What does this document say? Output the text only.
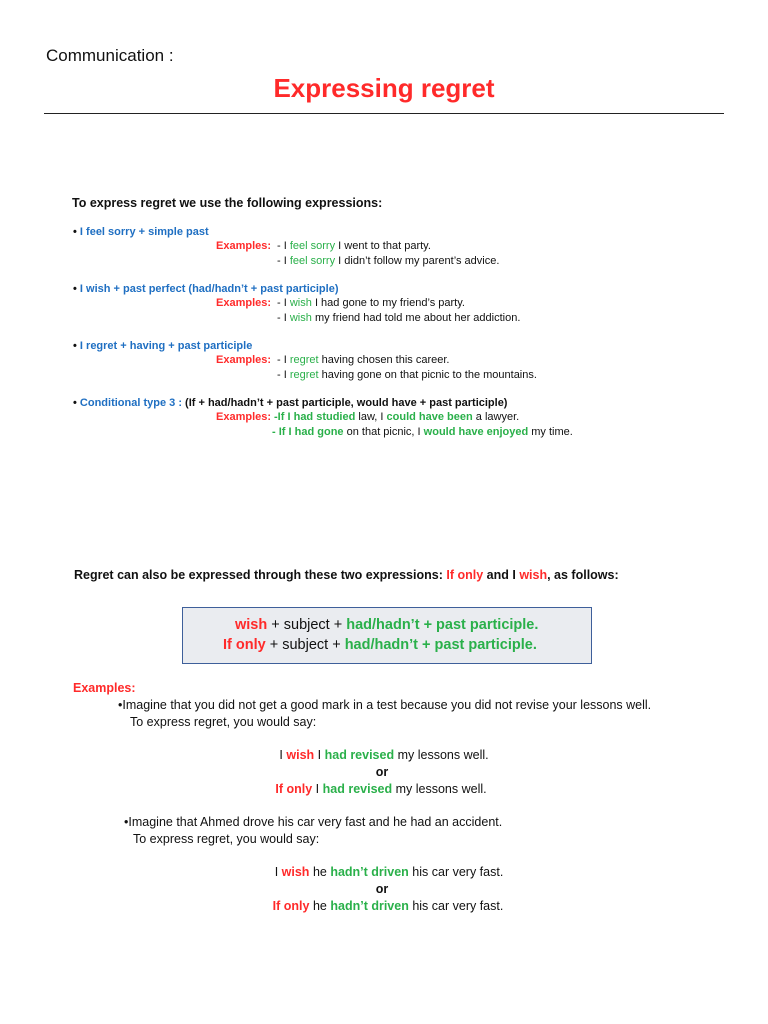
Communication :
Expressing regret
To express regret we use the following expressions:
• I feel sorry + simple past
Examples: - I feel sorry I went to that party.
- I feel sorry I didn’t follow my parent’s advice.
• I wish + past perfect (had/hadn’t + past participle)
Examples: - I wish I had gone to my friend’s party.
- I wish my friend had told me about her addiction.
• I regret + having + past participle
Examples: - I regret having chosen this career.
- I regret having gone on that picnic to the mountains.
• Conditional type 3 : (If + had/hadn’t + past participle, would have + past participle)
Examples: -If I had studied law, I could have been a lawyer.
- If I had gone on that picnic, I would have enjoyed my time.
Regret can also be expressed through these two expressions: If only and I wish, as follows:
wish + subject + had/hadn’t + past participle.
If only + subject + had/hadn’t + past participle.
Examples:
•Imagine that you did not get a good mark in a test because you did not revise your lessons well.
To express regret, you would say:
I wish I had revised my lessons well.
or
If only I had revised my lessons well.
•Imagine that Ahmed drove his car very fast and he had an accident.
To express regret, you would say:
I wish he hadn’t driven his car very fast.
or
If only he hadn’t driven his car very fast.
